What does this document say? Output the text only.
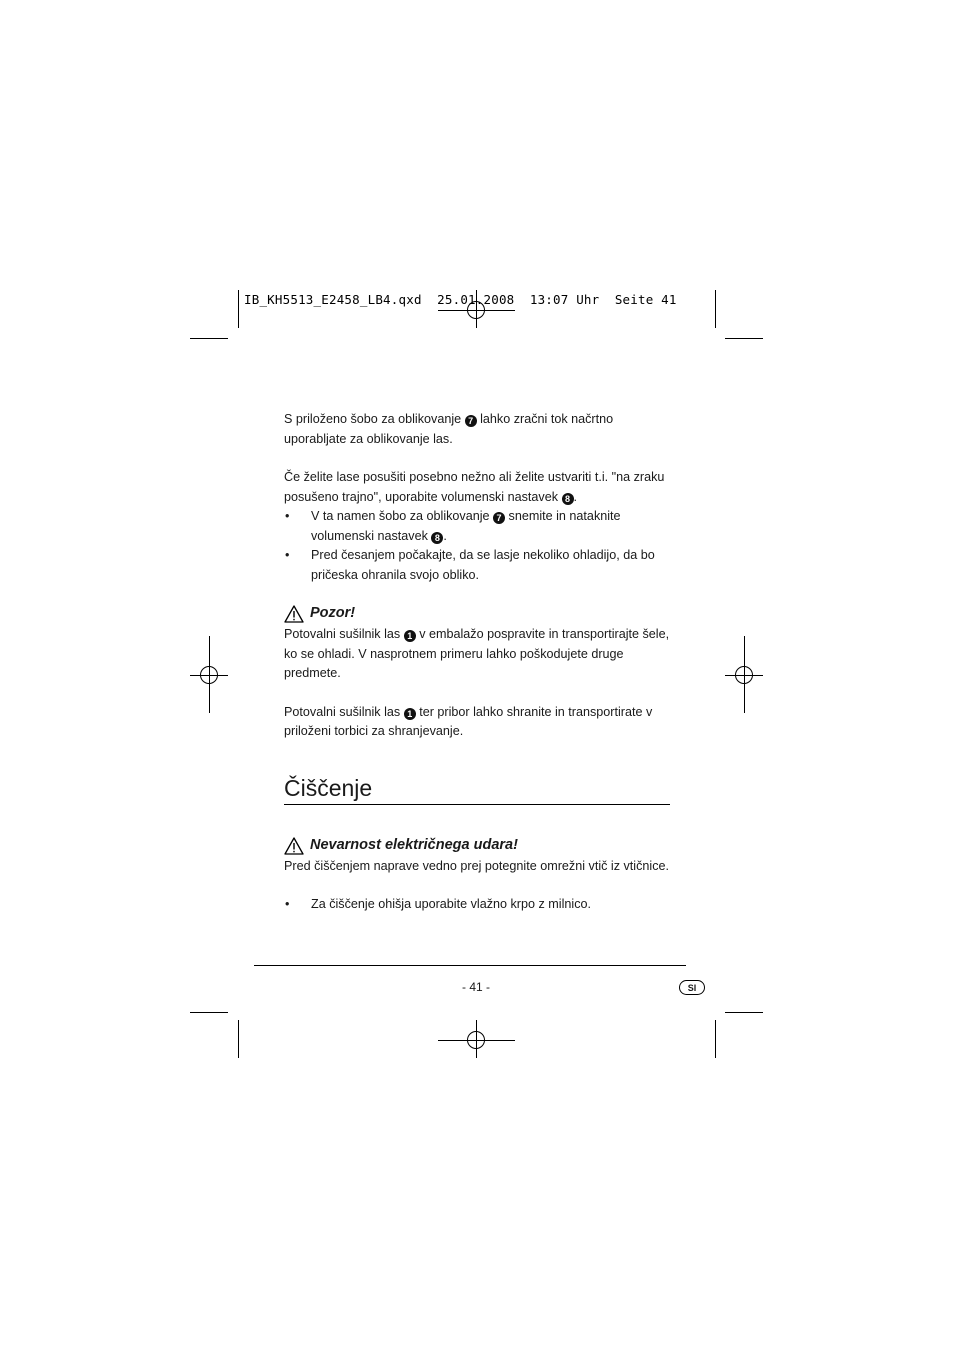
IB_KH5513_E2458_LB4.qxd  25.01.2008  13:07 Uhr  Seite 41

S priloženo šobo za oblikovanje 7 lahko zračni tok načrtno uporabljate za oblikovanje las.

Če želite lase posušiti posebno nežno ali želite ustvariti t.i. "na zraku posušeno trajno", uporabite volumenski nastavek 8 .

• V ta namen šobo za oblikovanje 7 snemite in nataknite volumenski nastavek 8 .
• Pred česanjem počakajte, da se lasje nekoliko ohladijo, da bo pričeska ohranila svojo obliko.
Pozor!

Potovalni sušilnik las 1 v embalažo pospravite in transportirajte šele, ko se ohladi. V nasprotnem primeru lahko poškodujete druge predmete.

Potovalni sušilnik las 1 ter pribor lahko shranite in transportirate v priloženi torbici za shranjevanje.

Čiščenje
Nevarnost električnega udara!

Pred čiščenjem naprave vedno prej potegnite omrežni vtič iz vtičnice.

• Za čiščenje ohišja uporabite vlažno krpo z milnico.
- 41 -	SI
